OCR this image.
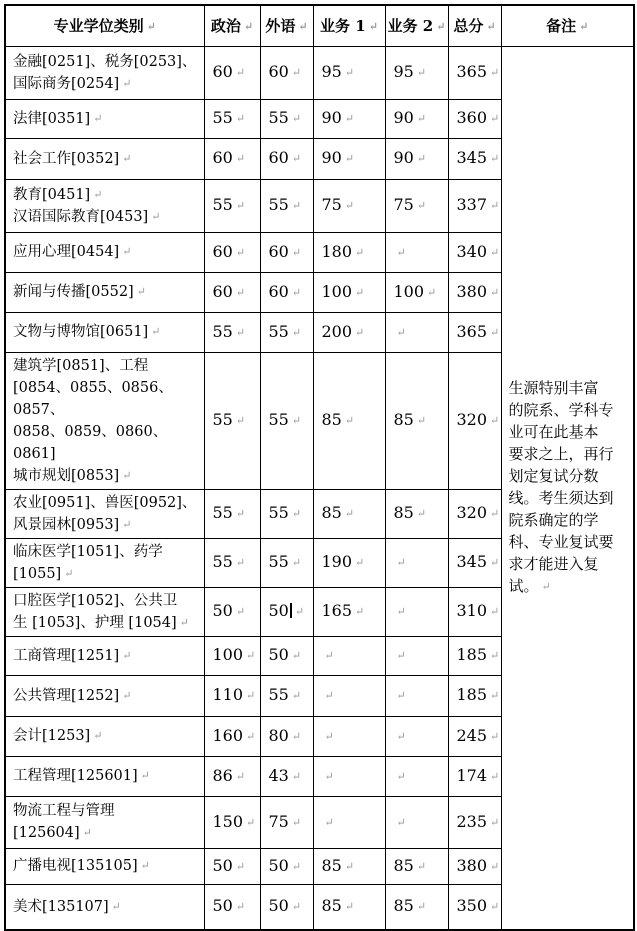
专业学位类别 ↵	政治 ↵	外语 ↵	业务 1 ↵	业务 2 ↵	总分 ↵	备注 ↵

金融[0251]、税务[0253]、
国际商务[0254] ↵
	60 ↵	60 ↵	95 ↵	95 ↵	365 ↵	生源特别丰富
的院系、学科专
业可在此基本
要求之上，再行
划定复试分数
线。考生须达到
院系确定的学
科、专业复试要
求才能进入复
试。 ↵

法律[0351] ↵	55 ↵	55 ↵	90 ↵	90 ↵	360 ↵

社会工作[0352] ↵	60 ↵	60 ↵	90 ↵	90 ↵	345 ↵

教育[0451] ↵
汉语国际教育[0453] ↵	55 ↵	55 ↵	75 ↵	75 ↵	337 ↵

应用心理[0454] ↵	60 ↵	60 ↵	180 ↵	↵	340 ↵

新闻与传播[0552] ↵	60 ↵	60 ↵	100 ↵	100 ↵	380 ↵

文物与博物馆[0651] ↵	55 ↵	55 ↵	200 ↵	↵	365 ↵

建筑学[0851]、工程
[0854、0855、0856、0857、
0858、0859、0860、0861]
城市规划[0853] ↵	55 ↵	55 ↵	85 ↵	85 ↵	320 ↵

农业[0951]、兽医[0952]、
风景园林[0953] ↵	55 ↵	55 ↵	85 ↵	85 ↵	320 ↵

临床医学[1051]、药学
[1055] ↵	55 ↵	55 ↵	190 ↵	↵	345 ↵

口腔医学[1052]、公共卫
生 [1053]、护理 [1054] ↵	50 ↵	50 ↵	165 ↵	↵	310 ↵

工商管理[1251] ↵	100 ↵	50 ↵	↵	↵	185 ↵

公共管理[1252] ↵	110 ↵	55 ↵	↵	↵	185 ↵

会计[1253] ↵	160 ↵	80 ↵	↵	↵	245 ↵

工程管理[125601] ↵	86 ↵	43 ↵	↵	↵	174 ↵

物流工程与管理
[125604] ↵	150 ↵	75 ↵	↵	↵	235 ↵

广播电视[135105] ↵	50 ↵	50 ↵	85 ↵	85 ↵	380 ↵

美术[135107] ↵	50 ↵	50 ↵	85 ↵	85 ↵	350 ↵
